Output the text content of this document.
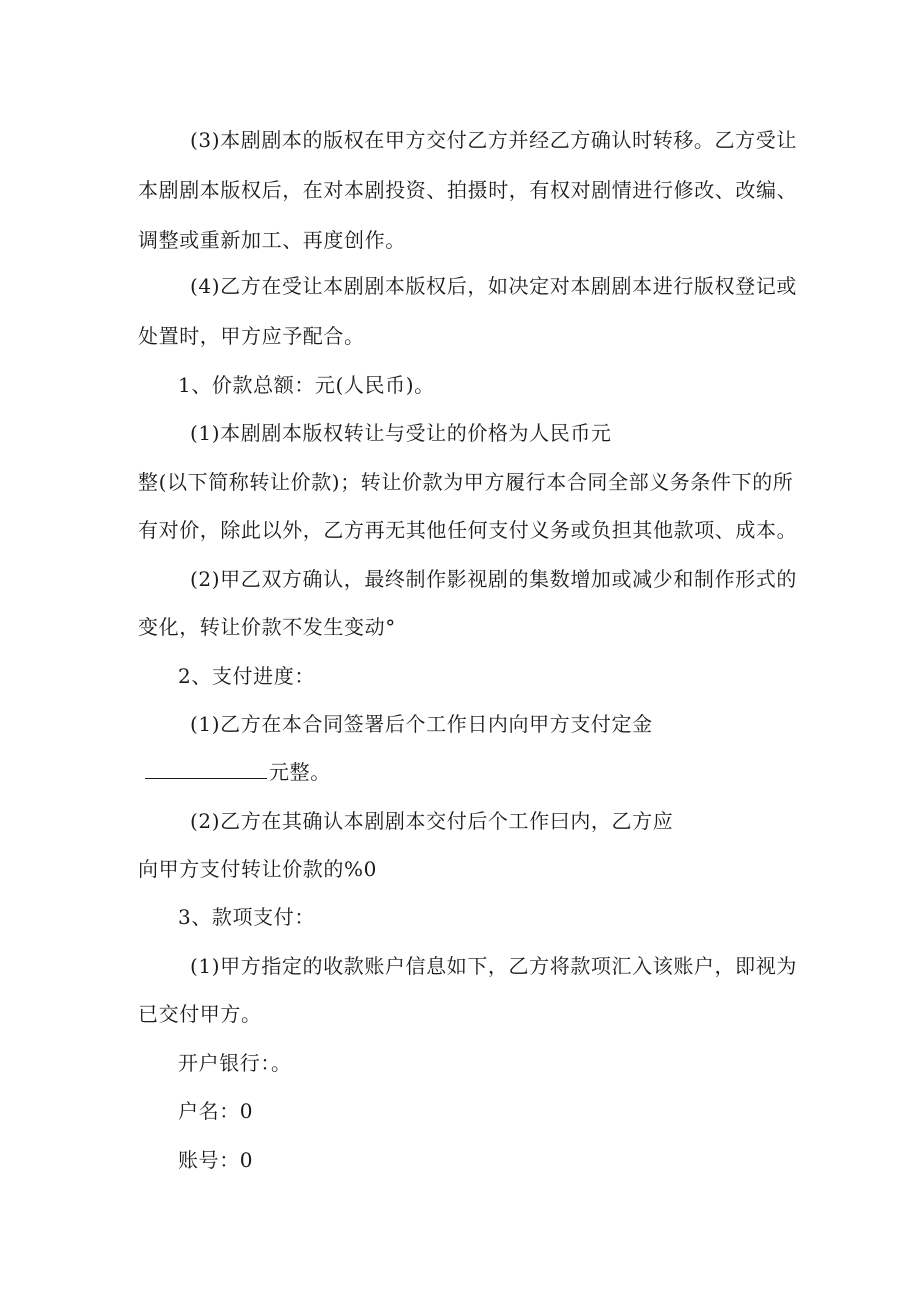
(3)本剧剧本的版权在甲方交付乙方并经乙方确认时转移。乙方受让
本剧剧本版权后，在对本剧投资、拍摄时，有权对剧情进行修改、改编、
调整或重新加工、再度创作。
(4)乙方在受让本剧剧本版权后，如决定对本剧剧本进行版权登记或
处置时，甲方应予配合。
1、价款总额：元(人民币)。
(1)本剧剧本版权转让与受让的价格为人民币元
整(以下简称转让价款)；转让价款为甲方履行本合同全部义务条件下的所
有对价，除此以外，乙方再无其他任何支付义务或负担其他款项、成本。
(2)甲乙双方确认，最终制作影视剧的集数增加或减少和制作形式的
变化，转让价款不发生变动°
2、支付进度：
(1)乙方在本合同签署后个工作日内向甲方支付定金
元整。
(2)乙方在其确认本剧剧本交付后个工作曰内，乙方应
向甲方支付转让价款的%0
3、款项支付：
(1)甲方指定的收款账户信息如下，乙方将款项汇入该账户，即视为
已交付甲方。
开户银行：。
户名：0
账号：0
